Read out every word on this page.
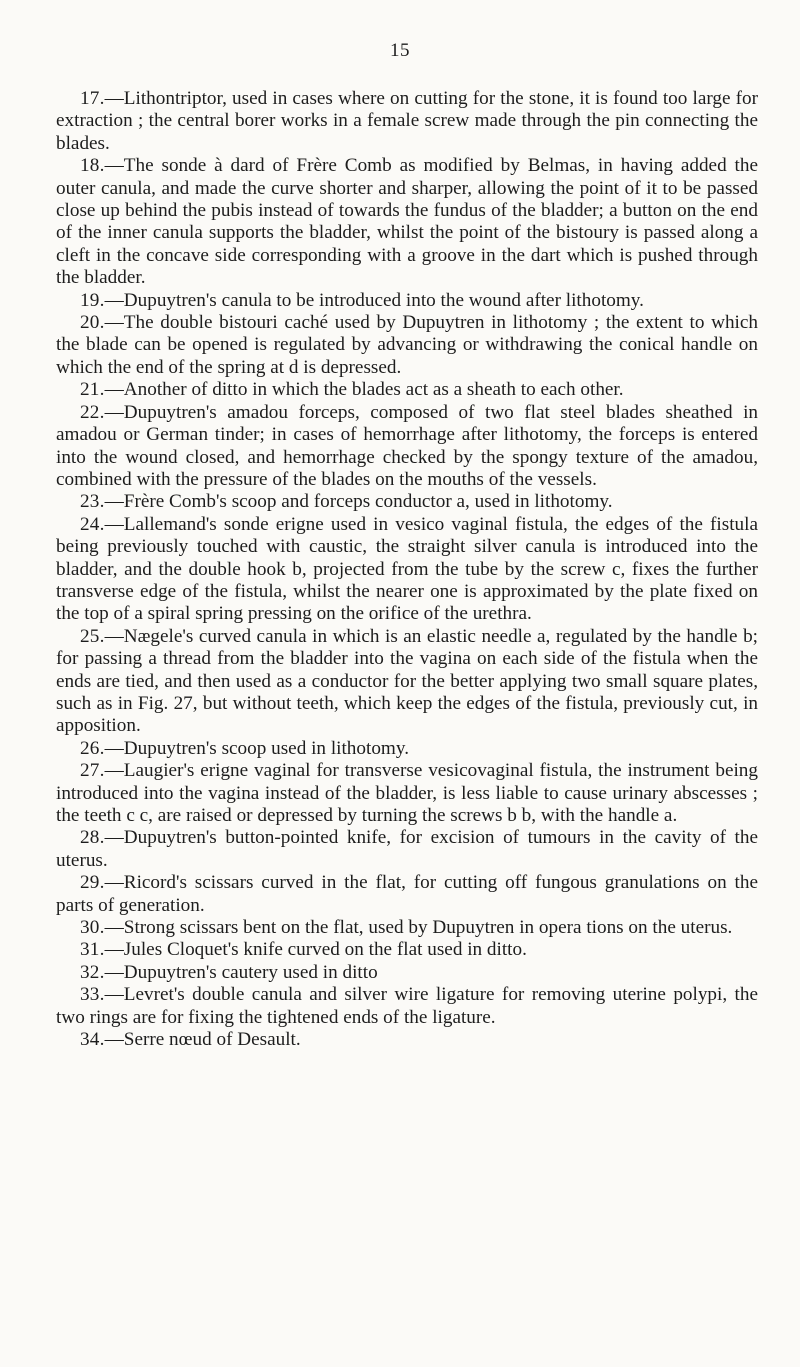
15

17.—Lithontriptor, used in cases where on cutting for the stone, it is found too large for extraction ; the central borer works in a female screw made through the pin connecting the blades.

18.—The sonde à dard of Frère Comb as modified by Belmas, in having added the outer canula, and made the curve shorter and sharper, allowing the point of it to be passed close up behind the pubis instead of towards the fundus of the bladder; a button on the end of the inner canula supports the bladder, whilst the point of the bistoury is passed along a cleft in the concave side corresponding with a groove in the dart which is pushed through the bladder.

19.—Dupuytren's canula to be introduced into the wound after lithotomy.

20.—The double bistouri caché used by Dupuytren in lithotomy ; the extent to which the blade can be opened is regulated by advancing or withdrawing the conical handle on which the end of the spring at d is depressed.

21.—Another of ditto in which the blades act as a sheath to each other.

22.—Dupuytren's amadou forceps, composed of two flat steel blades sheathed in amadou or German tinder; in cases of hemorrhage after lithotomy, the forceps is entered into the wound closed, and hemorrhage checked by the spongy texture of the amadou, combined with the pressure of the blades on the mouths of the vessels.

23.—Frère Comb's scoop and forceps conductor a, used in lithotomy.

24.—Lallemand's sonde erigne used in vesico vaginal fistula, the edges of the fistula being previously touched with caustic, the straight silver canula is introduced into the bladder, and the double hook b, projected from the tube by the screw c, fixes the further transverse edge of the fistula, whilst the nearer one is approximated by the plate fixed on the top of a spiral spring pressing on the orifice of the urethra.

25.—Nægele's curved canula in which is an elastic needle a, regulated by the handle b; for passing a thread from the bladder into the vagina on each side of the fistula when the ends are tied, and then used as a conductor for the better applying two small square plates, such as in Fig. 27, but without teeth, which keep the edges of the fistula, previously cut, in apposition.

26.—Dupuytren's scoop used in lithotomy.

27.—Laugier's erigne vaginal for transverse vesicovaginal fistula, the instrument being introduced into the vagina instead of the bladder, is less liable to cause urinary abscesses ; the teeth c c, are raised or depressed by turning the screws b b, with the handle a.

28.—Dupuytren's button-pointed knife, for excision of tumours in the cavity of the uterus.

29.—Ricord's scissars curved in the flat, for cutting off fungous granulations on the parts of generation.

30.—Strong scissars bent on the flat, used by Dupuytren in opera tions on the uterus.

31.—Jules Cloquet's knife curved on the flat used in ditto.

32.—Dupuytren's cautery used in ditto

33.—Levret's double canula and silver wire ligature for removing uterine polypi, the two rings are for fixing the tightened ends of the ligature.

34.—Serre nœud of Desault.
